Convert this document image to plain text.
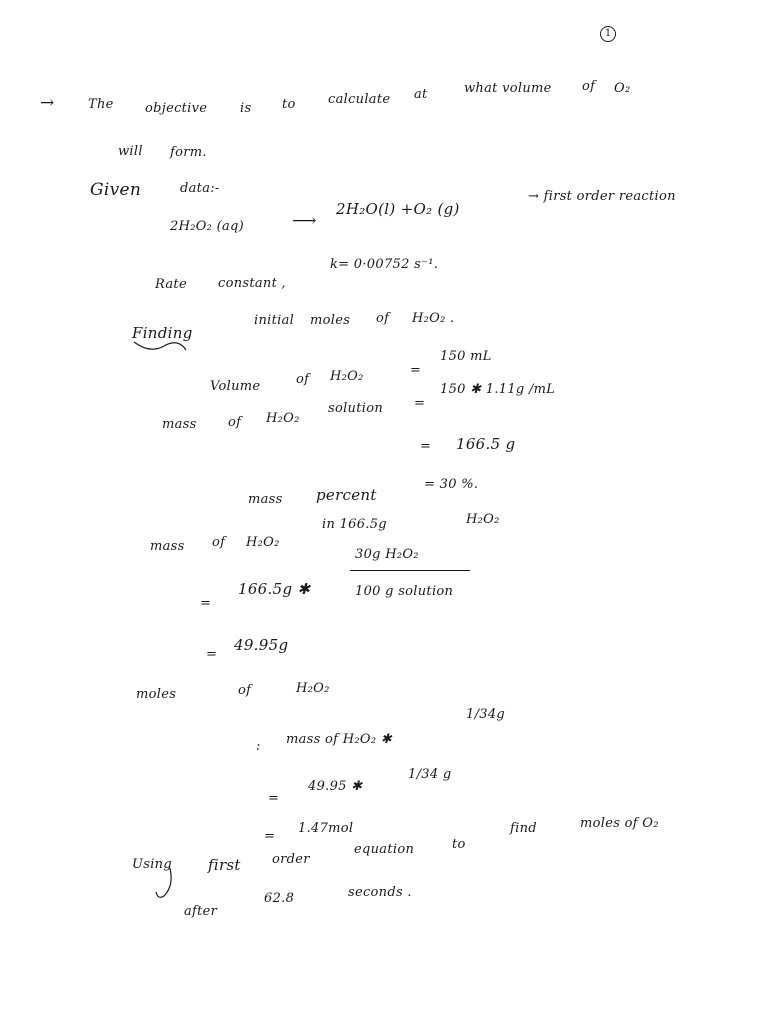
1
→	The objective	is to calculate at	what volume of O₂
will form.
Given	data:-
2H₂O₂ (aq)	⟶
2H₂O(l) +O₂ (g)
→ first order reaction
Rate constant ,
k= 0·00752 s⁻¹.
Finding
initial moles of H₂O₂ .
Volume	of H₂O₂	=
150 mL
mass of H₂O₂
solution =
150 ✱ 1.11g /mL
= 166.5 g
= 30 %.
mass percent
in 166.5g	H₂O₂
mass of H₂O₂
30g H₂O₂
=
166.5g ✱	100 g solution
=
49.95g
moles	of	H₂O₂
: mass of H₂O₂ ✱
1/34g
=
49.95 ✱
1/34 g
=
1.47mol
Using first order
equation	to
find	moles of O₂
after
62.8	seconds .
